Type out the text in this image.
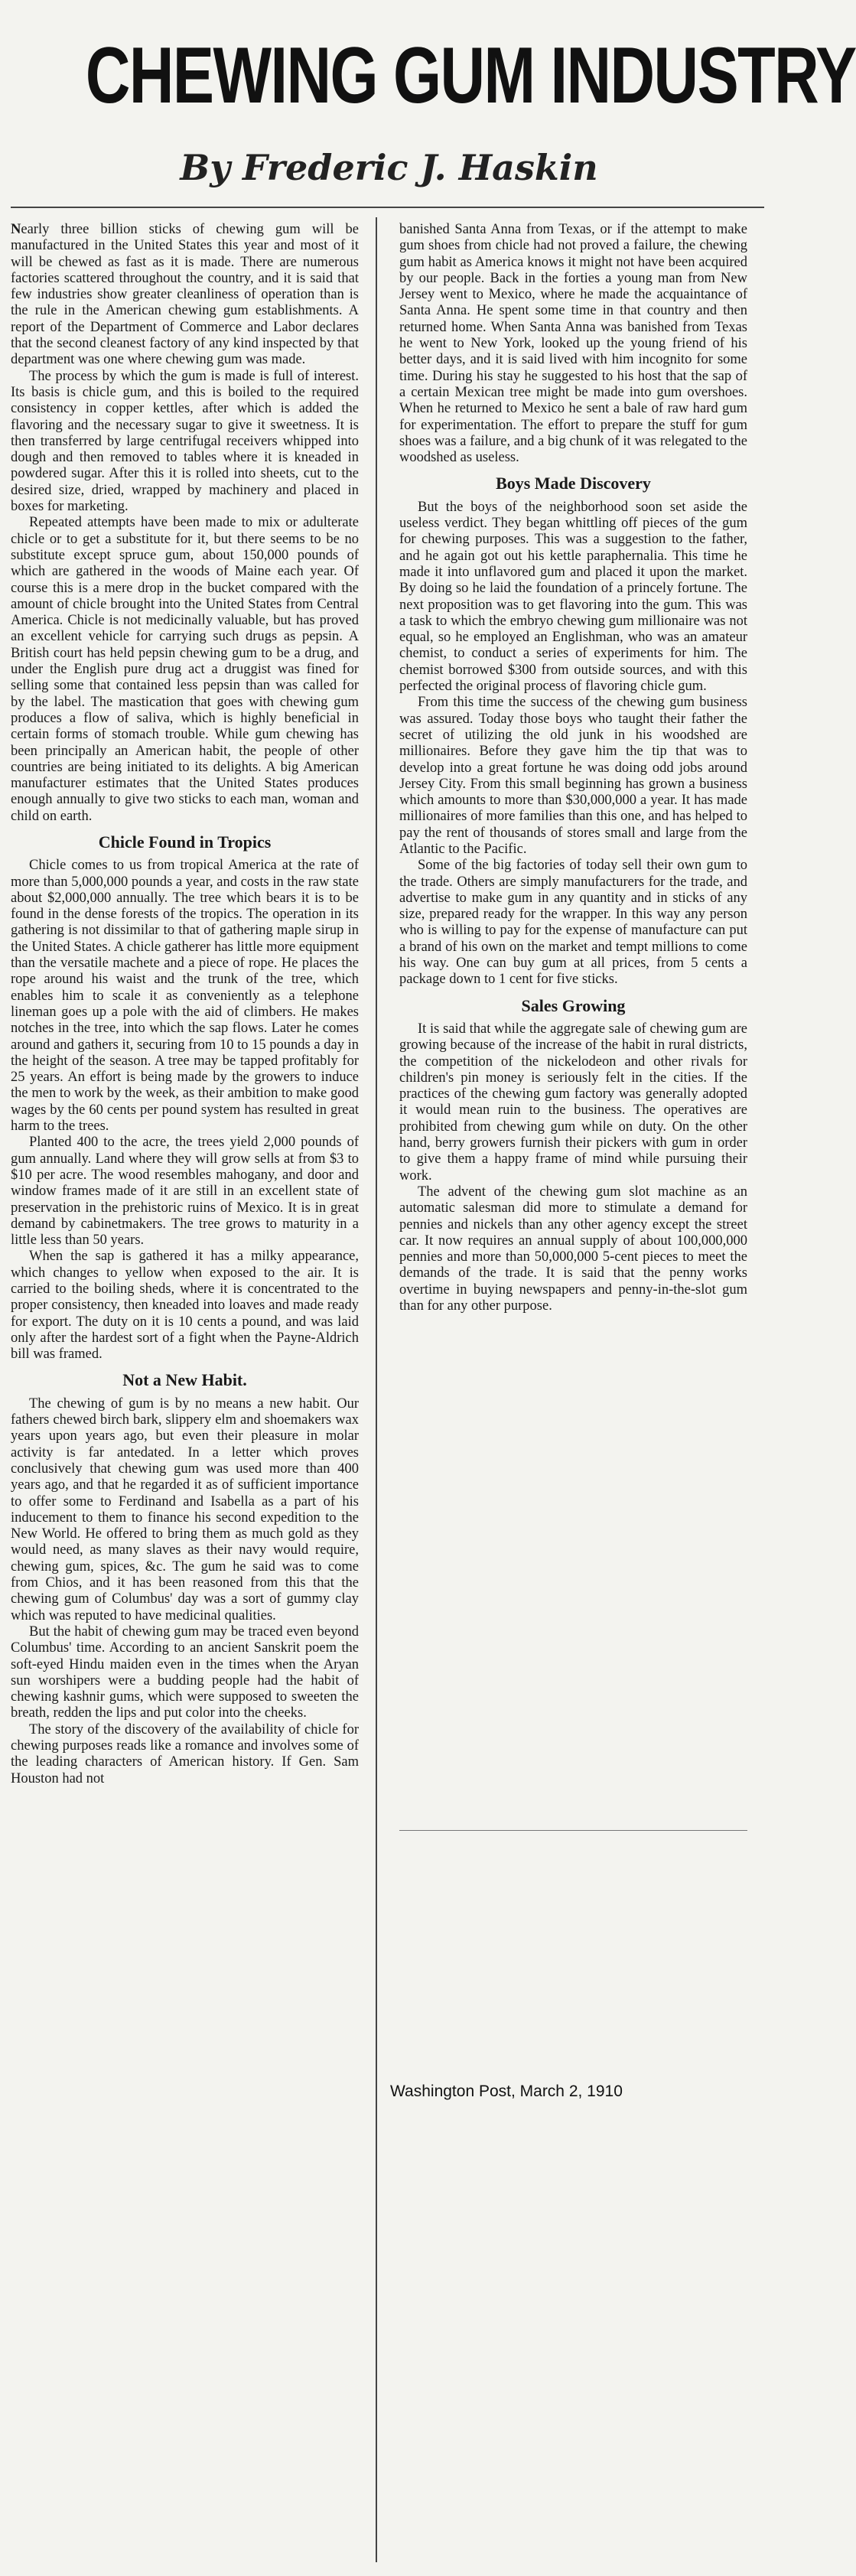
CHEWING GUM INDUSTRY
By Frederic J. Haskin

Nearly three billion sticks of chewing gum will be manufactured in the United States this year and most of it will be chewed as fast as it is made. There are numerous factories scattered throughout the country, and it is said that few industries show greater cleanliness of operation than is the rule in the American chewing gum establishments. A report of the Department of Commerce and Labor declares that the second cleanest factory of any kind inspected by that department was one where chewing gum was made.

The process by which the gum is made is full of interest. Its basis is chicle gum, and this is boiled to the required consistency in copper kettles, after which is added the flavoring and the necessary sugar to give it sweetness. It is then transferred by large centrifugal receivers whipped into dough and then removed to tables where it is kneaded in powdered sugar. After this it is rolled into sheets, cut to the desired size, dried, wrapped by machinery and placed in boxes for marketing.

Repeated attempts have been made to mix or adulterate chicle or to get a substitute for it, but there seems to be no substitute except spruce gum, about 150,000 pounds of which are gathered in the woods of Maine each year. Of course this is a mere drop in the bucket compared with the amount of chicle brought into the United States from Central America. Chicle is not medicinally valuable, but has proved an excellent vehicle for carrying such drugs as pepsin. A British court has held pepsin chewing gum to be a drug, and under the English pure drug act a druggist was fined for selling some that contained less pepsin than was called for by the label. The mastication that goes with chewing gum produces a flow of saliva, which is highly beneficial in certain forms of stomach trouble. While gum chewing has been principally an American habit, the people of other countries are being initiated to its delights. A big American manufacturer estimates that the United States produces enough annually to give two sticks to each man, woman and child on earth.

Chicle Found in Tropics

Chicle comes to us from tropical America at the rate of more than 5,000,000 pounds a year, and costs in the raw state about $2,000,000 annually. The tree which bears it is to be found in the dense forests of the tropics. The operation in its gathering is not dissimilar to that of gathering maple sirup in the United States. A chicle gatherer has little more equipment than the versatile machete and a piece of rope. He places the rope around his waist and the trunk of the tree, which enables him to scale it as conveniently as a telephone lineman goes up a pole with the aid of climbers. He makes notches in the tree, into which the sap flows. Later he comes around and gathers it, securing from 10 to 15 pounds a day in the height of the season. A tree may be tapped profitably for 25 years. An effort is being made by the growers to induce the men to work by the week, as their ambition to make good wages by the 60 cents per pound system has resulted in great harm to the trees.

Planted 400 to the acre, the trees yield 2,000 pounds of gum annually. Land where they will grow sells at from $3 to $10 per acre. The wood resembles mahogany, and door and window frames made of it are still in an excellent state of preservation in the prehistoric ruins of Mexico. It is in great demand by cabinetmakers. The tree grows to maturity in a little less than 50 years.

When the sap is gathered it has a milky appearance, which changes to yellow when exposed to the air. It is carried to the boiling sheds, where it is concentrated to the proper consistency, then kneaded into loaves and made ready for export. The duty on it is 10 cents a pound, and was laid only after the hardest sort of a fight when the Payne-Aldrich bill was framed.

Not a New Habit.

The chewing of gum is by no means a new habit. Our fathers chewed birch bark, slippery elm and shoemakers wax years upon years ago, but even their pleasure in molar activity is far antedated. In a letter which proves conclusively that chewing gum was used more than 400 years ago, and that he regarded it as of sufficient importance to offer some to Ferdinand and Isabella as a part of his inducement to them to finance his second expedition to the New World. He offered to bring them as much gold as they would need, as many slaves as their navy would require, chewing gum, spices, &c. The gum he said was to come from Chios, and it has been reasoned from this that the chewing gum of Columbus' day was a sort of gummy clay which was reputed to have medicinal qualities.

But the habit of chewing gum may be traced even beyond Columbus' time. According to an ancient Sanskrit poem the soft-eyed Hindu maiden even in the times when the Aryan sun worshipers were a budding people had the habit of chewing kashnir gums, which were supposed to sweeten the breath, redden the lips and put color into the cheeks.

The story of the discovery of the availability of chicle for chewing purposes reads like a romance and involves some of the leading characters of American history. If Gen. Sam Houston had not

banished Santa Anna from Texas, or if the attempt to make gum shoes from chicle had not proved a failure, the chewing gum habit as America knows it might not have been acquired by our people. Back in the forties a young man from New Jersey went to Mexico, where he made the acquaintance of Santa Anna. He spent some time in that country and then returned home. When Santa Anna was banished from Texas he went to New York, looked up the young friend of his better days, and it is said lived with him incognito for some time. During his stay he suggested to his host that the sap of a certain Mexican tree might be made into gum overshoes. When he returned to Mexico he sent a bale of raw hard gum for experimentation. The effort to prepare the stuff for gum shoes was a failure, and a big chunk of it was relegated to the woodshed as useless.

Boys Made Discovery

But the boys of the neighborhood soon set aside the useless verdict. They began whittling off pieces of the gum for chewing purposes. This was a suggestion to the father, and he again got out his kettle paraphernalia. This time he made it into unflavored gum and placed it upon the market. By doing so he laid the foundation of a princely fortune. The next proposition was to get flavoring into the gum. This was a task to which the embryo chewing gum millionaire was not equal, so he employed an Englishman, who was an amateur chemist, to conduct a series of experiments for him. The chemist borrowed $300 from outside sources, and with this perfected the original process of flavoring chicle gum.

From this time the success of the chewing gum business was assured. Today those boys who taught their father the secret of utilizing the old junk in his woodshed are millionaires. Before they gave him the tip that was to develop into a great fortune he was doing odd jobs around Jersey City. From this small beginning has grown a business which amounts to more than $30,000,000 a year. It has made millionaires of more families than this one, and has helped to pay the rent of thousands of stores small and large from the Atlantic to the Pacific.

Some of the big factories of today sell their own gum to the trade. Others are simply manufacturers for the trade, and advertise to make gum in any quantity and in sticks of any size, prepared ready for the wrapper. In this way any person who is willing to pay for the expense of manufacture can put a brand of his own on the market and tempt millions to come his way. One can buy gum at all prices, from 5 cents a package down to 1 cent for five sticks.

Sales Growing

It is said that while the aggregate sale of chewing gum are growing because of the increase of the habit in rural districts, the competition of the nickelodeon and other rivals for children's pin money is seriously felt in the cities. If the practices of the chewing gum factory was generally adopted it would mean ruin to the business. The operatives are prohibited from chewing gum while on duty. On the other hand, berry growers furnish their pickers with gum in order to give them a happy frame of mind while pursuing their work.

The advent of the chewing gum slot machine as an automatic salesman did more to stimulate a demand for pennies and nickels than any other agency except the street car. It now requires an annual supply of about 100,000,000 pennies and more than 50,000,000 5-cent pieces to meet the demands of the trade. It is said that the penny works overtime in buying newspapers and penny-in-the-slot gum than for any other purpose.

Washington Post, March 2, 1910
